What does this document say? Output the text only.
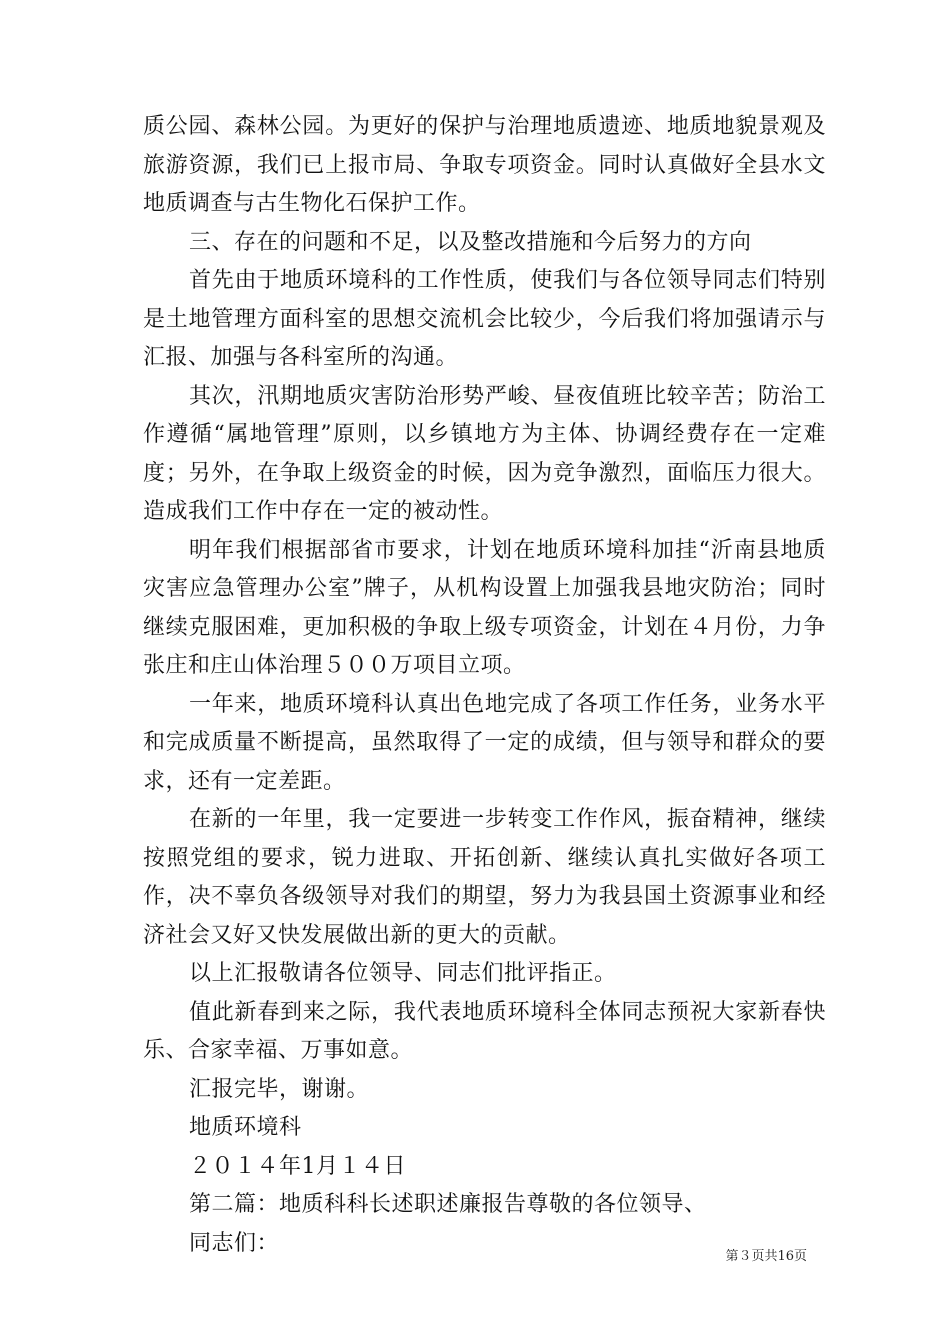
质公园、森林公园。为更好的保护与治理地质遗迹、地质地貌景观及旅游资源，我们已上报市局、争取专项资金。同时认真做好全县水文地质调查与古生物化石保护工作。

三、存在的问题和不足，以及整改措施和今后努力的方向

首先由于地质环境科的工作性质，使我们与各位领导同志们特别是土地管理方面科室的思想交流机会比较少，今后我们将加强请示与汇报、加强与各科室所的沟通。

其次，汛期地质灾害防治形势严峻、昼夜值班比较辛苦；防治工作遵循“属地管理”原则，以乡镇地方为主体、协调经费存在一定难度；另外，在争取上级资金的时候，因为竞争激烈，面临压力很大。造成我们工作中存在一定的被动性。

明年我们根据部省市要求，计划在地质环境科加挂“沂南县地质灾害应急管理办公室”牌子，从机构设置上加强我县地灾防治；同时继续克服困难，更加积极的争取上级专项资金，计划在４月份，力争张庄和庄山体治理５００万项目立项。

一年来，地质环境科认真出色地完成了各项工作任务，业务水平和完成质量不断提高，虽然取得了一定的成绩，但与领导和群众的要求，还有一定差距。

在新的一年里，我一定要进一步转变工作作风，振奋精神，继续按照党组的要求，锐力进取、开拓创新、继续认真扎实做好各项工作，决不辜负各级领导对我们的期望，努力为我县国土资源事业和经济社会又好又快发展做出新的更大的贡献。

以上汇报敬请各位领导、同志们批评指正。

值此新春到来之际，我代表地质环境科全体同志预祝大家新春快乐、合家幸福、万事如意。

汇报完毕，谢谢。

地质环境科

２０１４年1月１４日

第二篇：地质科科长述职述廉报告尊敬的各位领导、

同志们：

第３页共16页
